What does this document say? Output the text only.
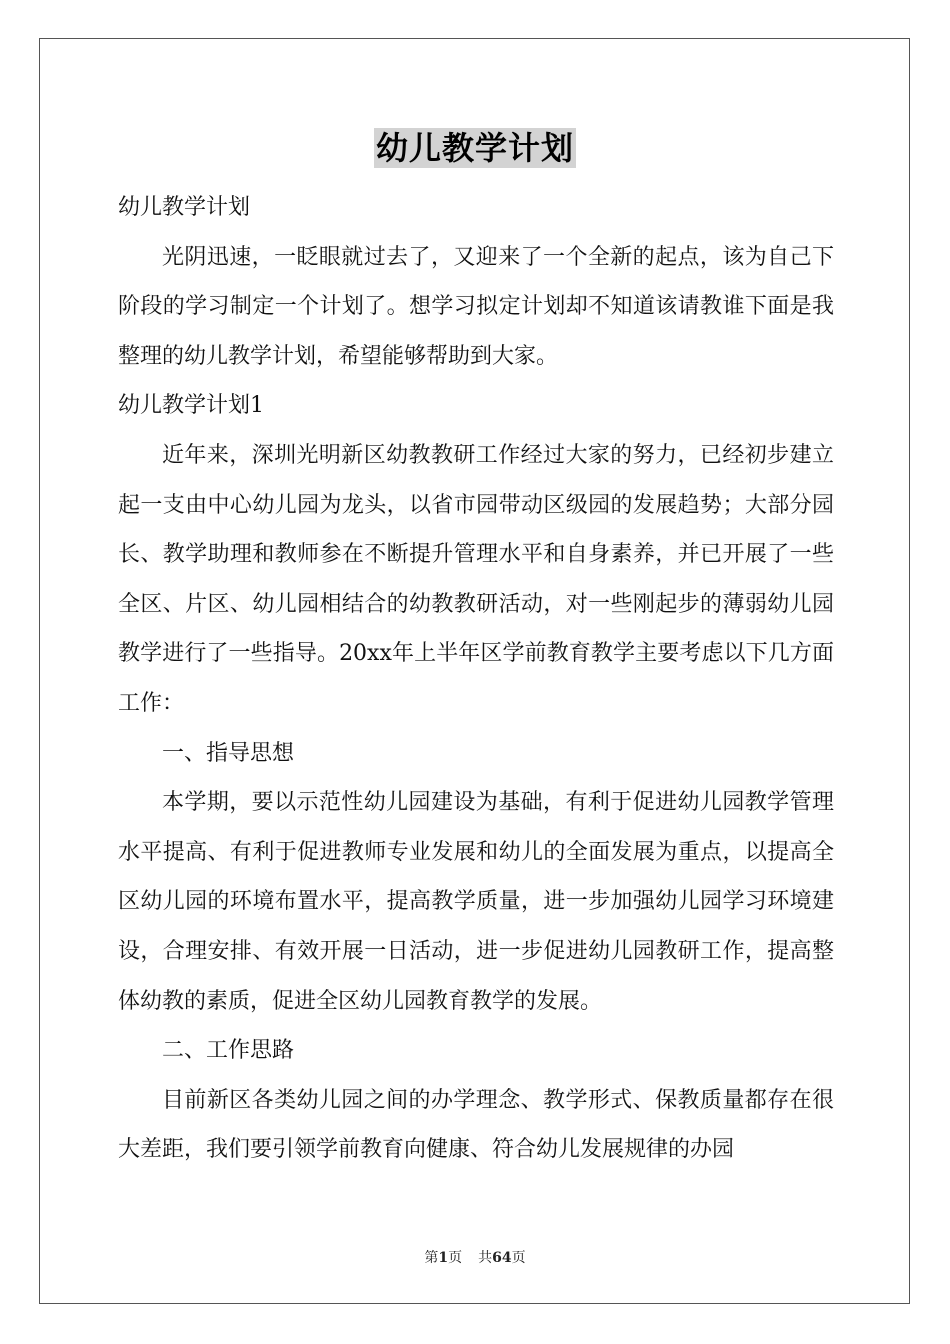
幼儿教学计划

幼儿教学计划

光阴迅速，一眨眼就过去了，又迎来了一个全新的起点，该为自己下阶段的学习制定一个计划了。想学习拟定计划却不知道该请教谁下面是我整理的幼儿教学计划，希望能够帮助到大家。

幼儿教学计划1

近年来，深圳光明新区幼教教研工作经过大家的努力，已经初步建立起一支由中心幼儿园为龙头，以省市园带动区级园的发展趋势；大部分园长、教学助理和教师参在不断提升管理水平和自身素养，并已开展了一些全区、片区、幼儿园相结合的幼教教研活动，对一些刚起步的薄弱幼儿园教学进行了一些指导。20xx年上半年区学前教育教学主要考虑以下几方面工作：

一、指导思想

本学期，要以示范性幼儿园建设为基础，有利于促进幼儿园教学管理水平提高、有利于促进教师专业发展和幼儿的全面发展为重点，以提高全区幼儿园的环境布置水平，提高教学质量，进一步加强幼儿园学习环境建设，合理安排、有效开展一日活动，进一步促进幼儿园教研工作，提高整体幼教的素质，促进全区幼儿园教育教学的发展。

二、工作思路

目前新区各类幼儿园之间的办学理念、教学形式、保教质量都存在很大差距，我们要引领学前教育向健康、符合幼儿发展规律的办园

第1页 共64页
